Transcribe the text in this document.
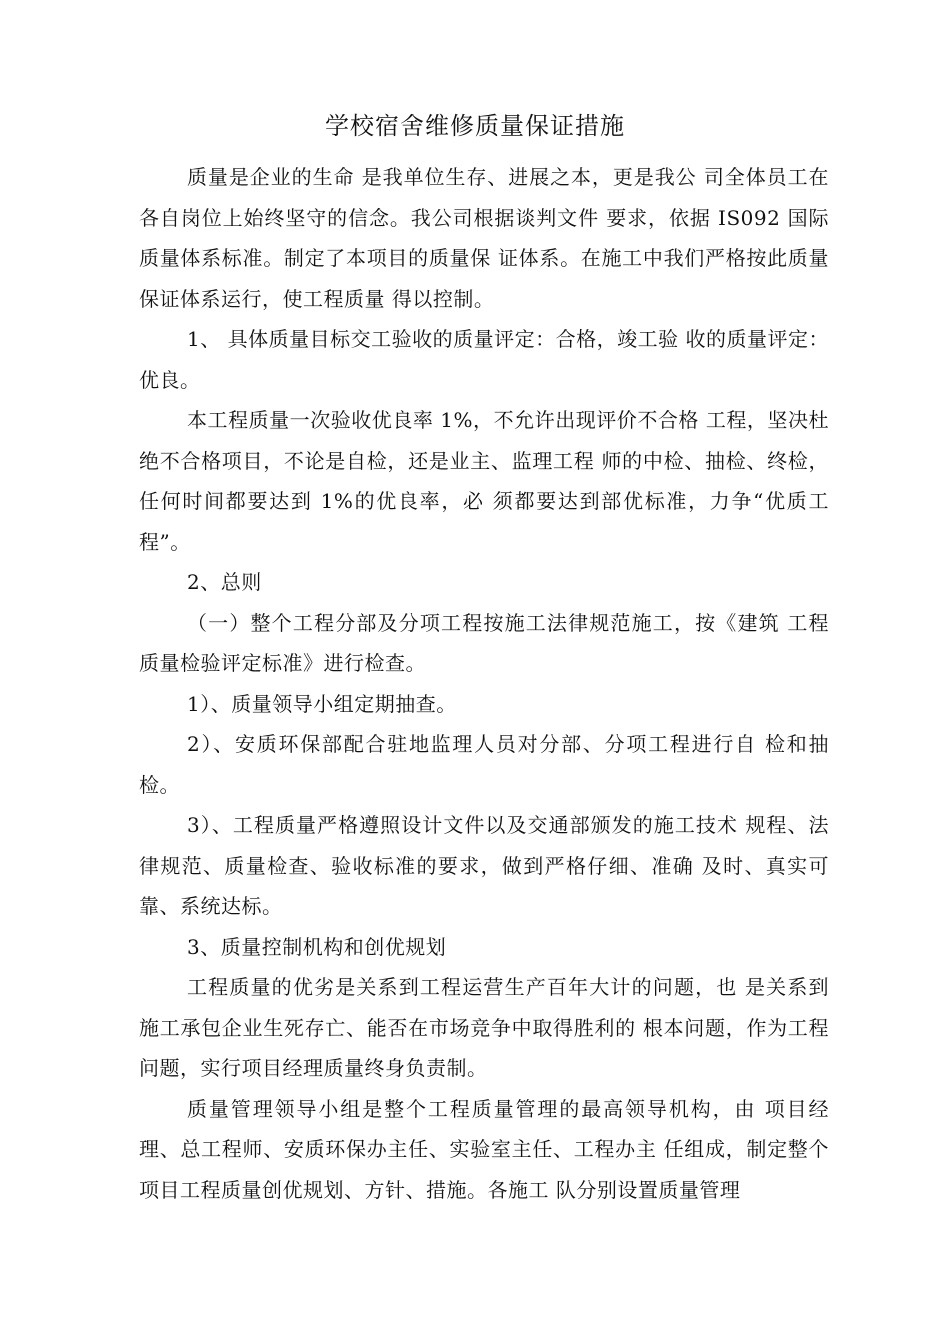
学校宿舍维修质量保证措施

质量是企业的生命 是我单位生存、进展之本，更是我公 司全体员工在各自岗位上始终坚守的信念。我公司根据谈判文件 要求，依据 IS092 国际质量体系标准。制定了本项目的质量保 证体系。在施工中我们严格按此质量保证体系运行，使工程质量 得以控制。

1、 具体质量目标交工验收的质量评定：合格，竣工验 收的质量评定：优良。

本工程质量一次验收优良率 1%，不允许出现评价不合格 工程，坚决杜绝不合格项目，不论是自检，还是业主、监理工程 师的中检、抽检、终检，任何时间都要达到 1%的优良率，必 须都要达到部优标准，力争“优质工程”。

2、总则

（一）整个工程分部及分项工程按施工法律规范施工，按《建筑 工程质量检验评定标准》进行检查。

1）、质量领导小组定期抽查。

2）、安质环保部配合驻地监理人员对分部、分项工程进行自 检和抽检。

3）、工程质量严格遵照设计文件以及交通部颁发的施工技术 规程、法律规范、质量检查、验收标准的要求，做到严格仔细、准确 及时、真实可靠、系统达标。

3、质量控制机构和创优规划

工程质量的优劣是关系到工程运营生产百年大计的问题，也 是关系到施工承包企业生死存亡、能否在市场竞争中取得胜利的 根本问题，作为工程问题，实行项目经理质量终身负责制。

质量管理领导小组是整个工程质量管理的最高领导机构，由 项目经理、总工程师、安质环保办主任、实验室主任、工程办主 任组成，制定整个项目工程质量创优规划、方针、措施。各施工 队分别设置质量管理
